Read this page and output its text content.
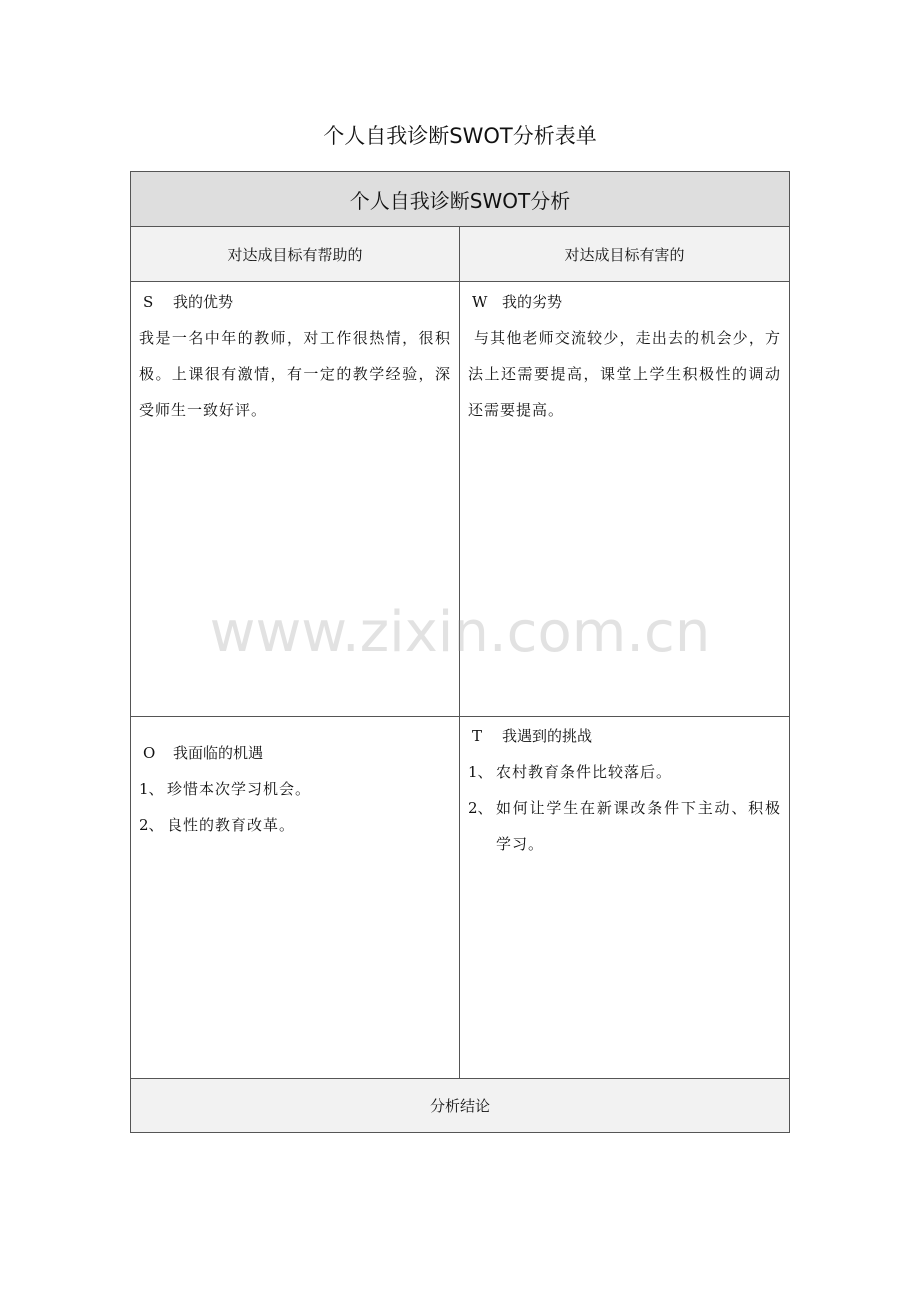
个人自我诊断SWOT分析表单
个人自我诊断SWOT分析
对达成目标有帮助的	对达成目标有害的
S 我的优势
我是一名中年的教师，对工作很热情，很积极。上课很有激情，有一定的教学经验，深受师生一致好评。
W 我的劣势
与其他老师交流较少，走出去的机会少，方法上还需要提高，课堂上学生积极性的调动还需要提高。
O 我面临的机遇
1、 珍惜本次学习机会。
2、 良性的教育改革。
T 我遇到的挑战
1、 农村教育条件比较落后。
2、 如何让学生在新课改条件下主动、积极学习。
分析结论
www.zixin.com.cn
